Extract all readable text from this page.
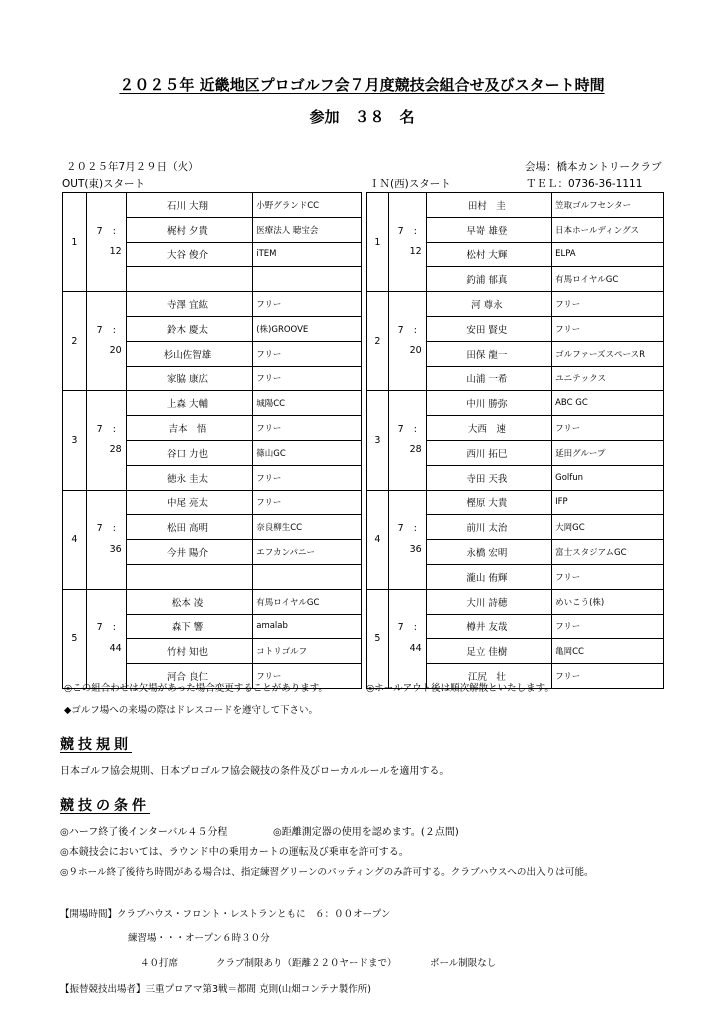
２０２５年 近畿地区プロゴルフ会７月度競技会組合せ及びスタート時間
参加　３８　名
２０２５年7月２９日（火）	会場：橋本カントリークラブ
OUT(東)スタート	ＩＮ(西)スタート	ＴＥＬ：0736-36-1111
1	7 :
12	石川 大翔	小野グランドCC
		梶村 夕貴	医療法人 聴宝会
		大谷 俊介	iTEM

2	7 :
20	寺澤 宜紘	フリー
		鈴木 慶太	(株)GROOVE
		杉山佐智雄	フリー
		家脇 康広	フリー
3	7 :
28	上森 大輔	城陽CC
		吉本　悟	フリー
		谷口 力也	篠山GC
		徳永 圭太	フリー
4	7 :
36	中尾 亮太	フリー
		松田 高明	奈良柳生CC
		今井 陽介	エフカンパニー

5	7 :
44	松本 凌	有馬ロイヤルGC
		森下 響	amalab
		竹村 知也	コトリゴルフ
		河合 良仁	フリー
1	7 :
12	田村　圭	笠取ゴルフセンター
		早嵜 雄登	日本ホールディングス
		松村 大輝	ELPA
		釣浦 郁真	有馬ロイヤルGC
2	7 :
20	河 尊永	フリー
		安田 賢史	フリー
		田保 龍一	ゴルファーズスペースR
		山浦 一希	ユニテックス
3	7 :
28	中川 勝弥	ABC GC
		大西　速	フリー
		西川 拓巳	延田グループ
		寺田 天我	Golfun
4	7 :
36	樫原 大貴	IFP
		前川 太治	大岡GC
		永橋 宏明	富士スタジアムGC
		瀧山 侑輝	フリー
5	7 :
44	大川 詩穂	めいこう(株)
		樽井 友哉	フリー
		足立 佳樹	亀岡CC
		江尻　壮	フリー
◎この組合わせは欠場があった場合変更することがあります。	◎ホールアウト後は順次解散といたします。
◆ゴルフ場への来場の際はドレスコードを遵守して下さい。
競技規則
日本ゴルフ協会規則、日本プロゴルフ協会競技の条件及びローカルルールを適用する。
競技の条件
◎ハーフ終了後インターバル４５分程	◎距離測定器の使用を認めます。(２点間)
◎本競技会においては、ラウンド中の乗用カートの運転及び乗車を許可する。
◎９ホール終了後待ち時間がある場合は、指定練習グリーンのパッティングのみ許可する。クラブハウスへの出入りは可能。
【開場時間】クラブハウス・フロント・レストランともに　６：００オープン
練習場・・・オープン６時３０分
４０打席	クラブ制限あり（距離２２０ヤードまで）	ボール制限なし
【振替競技出場者】三重プロアマ第3戦＝都間 克則(山畑コンテナ製作所)
